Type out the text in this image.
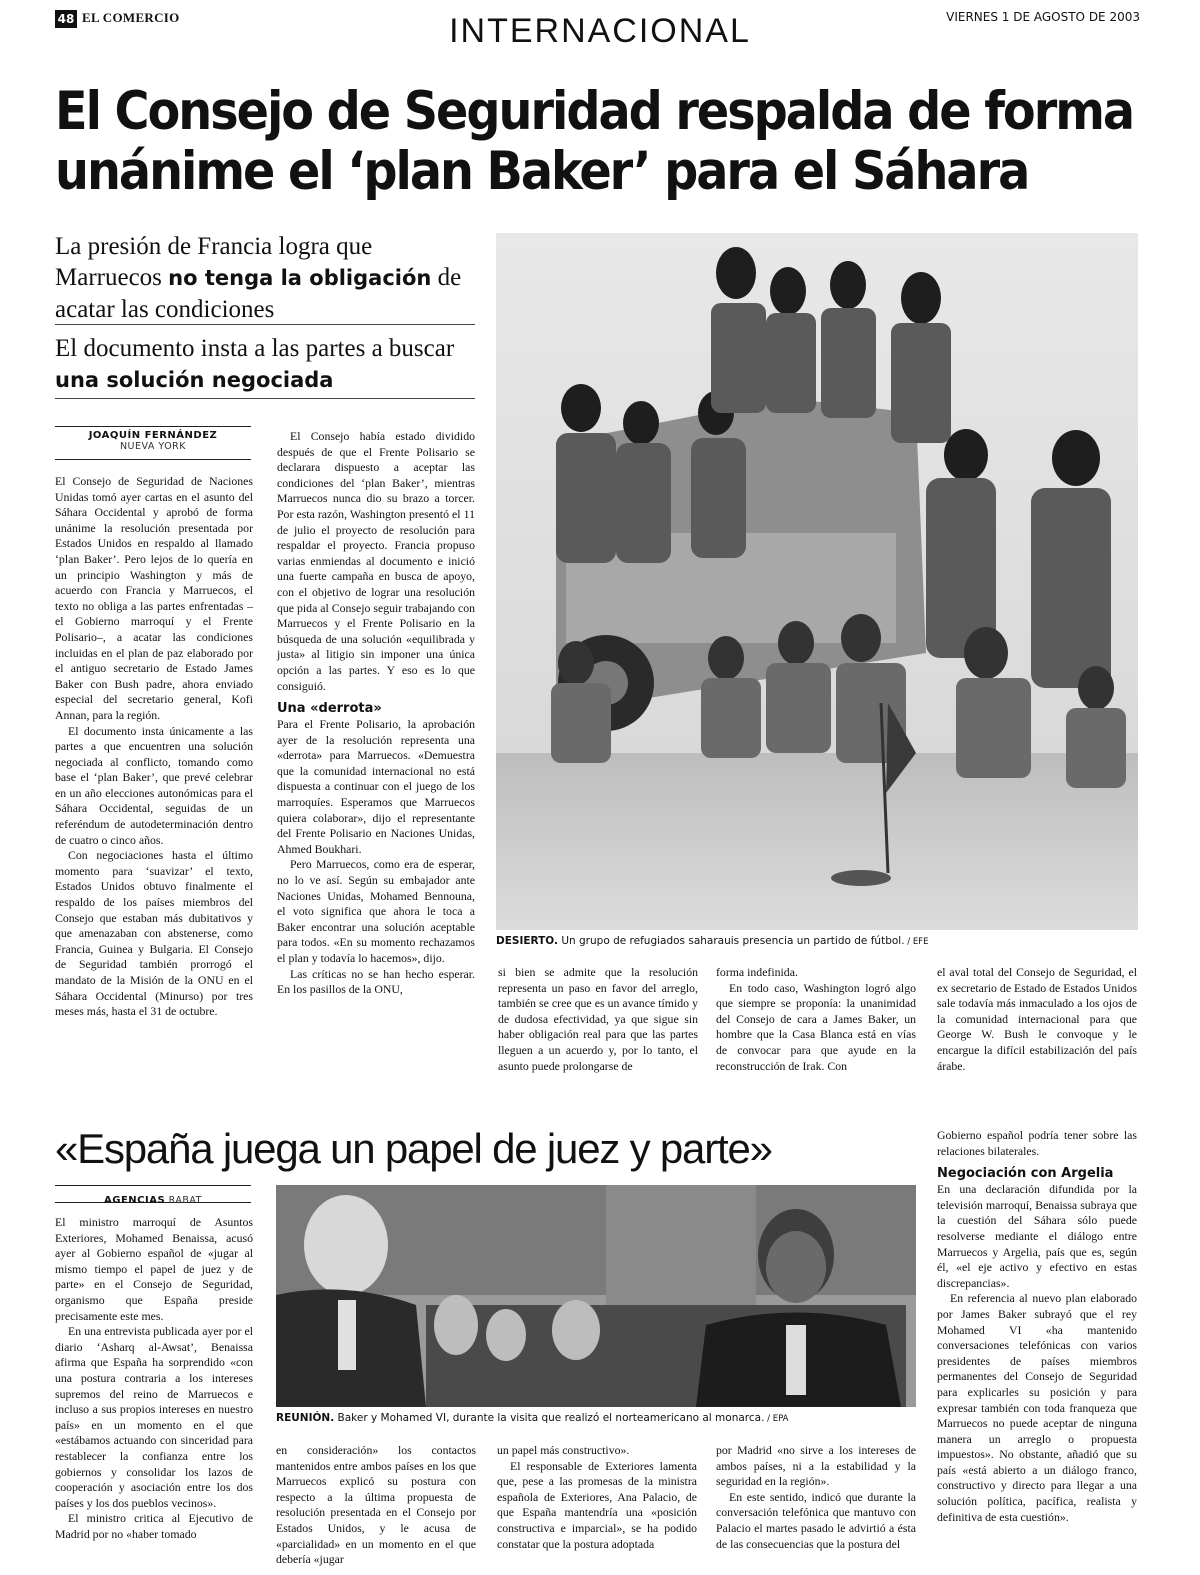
48 EL COMERCIO	INTERNACIONAL	VIERNES 1 DE AGOSTO DE 2003
El Consejo de Seguridad respalda de forma unánime el ‘plan Baker’ para el Sáhara
La presión de Francia logra que Marruecos no tenga la obligación de acatar las condiciones
El documento insta a las partes a buscar una solución negociada
JOAQUÍN FERNÁNDEZ
NUEVA YORK

El Consejo de Seguridad de Naciones Unidas tomó ayer cartas en el asunto del Sáhara Occidental y aprobó de forma unánime la resolución presentada por Estados Unidos en respaldo al llamado ‘plan Baker’. Pero lejos de lo quería en un principio Washington y más de acuerdo con Francia y Marruecos, el texto no obliga a las partes enfrentadas –el Gobierno marroquí y el Frente Polisario–, a acatar las condiciones incluidas en el plan de paz elaborado por el antiguo secretario de Estado James Baker con Bush padre, ahora enviado especial del secretario general, Kofi Annan, para la región.

El documento insta únicamente a las partes a que encuentren una solución negociada al conflicto, tomando como base el ‘plan Baker’, que prevé celebrar en un año elecciones autonómicas para el Sáhara Occidental, seguidas de un referéndum de autodeterminación dentro de cuatro o cinco años.

Con negociaciones hasta el último momento para ‘suavizar’ el texto, Estados Unidos obtuvo finalmente el respaldo de los países miembros del Consejo que estaban más dubitativos y que amenazaban con abstenerse, como Francia, Guinea y Bulgaria. El Consejo de Seguridad también prorrogó el mandato de la Misión de la ONU en el Sáhara Occidental (Minurso) por tres meses más, hasta el 31 de octubre.

El Consejo había estado dividido después de que el Frente Polisario se declarara dispuesto a aceptar las condiciones del ‘plan Baker’, mientras Marruecos nunca dio su brazo a torcer. Por esta razón, Washington presentó el 11 de julio el proyecto de resolución para respaldar el proyecto. Francia propuso varias enmiendas al documento e inició una fuerte campaña en busca de apoyo, con el objetivo de lograr una resolución que pida al Consejo seguir trabajando con Marruecos y el Frente Polisario en la búsqueda de una solución «equilibrada y justa» al litigio sin imponer una única opción a las partes. Y eso es lo que consiguió.

Una «derrota»

Para el Frente Polisario, la aprobación ayer de la resolución representa una «derrota» para Marruecos. «Demuestra que la comunidad internacional no está dispuesta a continuar con el juego de los marroquíes. Esperamos que Marruecos quiera colaborar», dijo el representante del Frente Polisario en Naciones Unidas, Ahmed Boukhari.

Pero Marruecos, como era de esperar, no lo ve así. Según su embajador ante Naciones Unidas, Mohamed Bennouna, el voto significa que ahora le toca a Baker encontrar una solución aceptable para todos. «En su momento rechazamos el plan y todavía lo hacemos», dijo.

Las críticas no se han hecho esperar. En los pasillos de la ONU,

DESIERTO. Un grupo de refugiados saharauis presencia un partido de fútbol. / EFE

si bien se admite que la resolución representa un paso en favor del arreglo, también se cree que es un avance tímido y de dudosa efectividad, ya que sigue sin haber obligación real para que las partes lleguen a un acuerdo y, por lo tanto, el asunto puede prolongarse de

forma indefinida.

En todo caso, Washington logró algo que siempre se proponía: la unanimidad del Consejo de cara a James Baker, un hombre que la Casa Blanca está en vías de convocar para que ayude en la reconstrucción de Irak. Con

el aval total del Consejo de Seguridad, el ex secretario de Estado de Estados Unidos sale todavía más inmaculado a los ojos de la comunidad internacional para que George W. Bush le convoque y le encargue la difícil estabilización del país árabe.

«España juega un papel de juez y parte»
AGENCIAS RABAT

El ministro marroquí de Asuntos Exteriores, Mohamed Benaissa, acusó ayer al Gobierno español de «jugar al mismo tiempo el papel de juez y de parte» en el Consejo de Seguridad, organismo que España preside precisamente este mes.

En una entrevista publicada ayer por el diario ‘Asharq al-Awsat’, Benaissa afirma que España ha sorprendido «con una postura contraria a los intereses supremos del reino de Marruecos e incluso a sus propios intereses en nuestro país» en un momento en el que «estábamos actuando con sinceridad para restablecer la confianza entre los gobiernos y consolidar los lazos de cooperación y asociación entre los dos países y los dos pueblos vecinos».

El ministro critica al Ejecutivo de Madrid por no «haber tomado

REUNIÓN. Baker y Mohamed VI, durante la visita que realizó el norteamericano al monarca. / EPA

en consideración» los contactos mantenidos entre ambos países en los que Marruecos explicó su postura con respecto a la última propuesta de resolución presentada en el Consejo por Estados Unidos, y le acusa de «parcialidad» en un momento en el que debería «jugar

un papel más constructivo».

El responsable de Exteriores lamenta que, pese a las promesas de la ministra española de Exteriores, Ana Palacio, de que España mantendría una «posición constructiva e imparcial», se ha podido constatar que la postura adoptada

por Madrid «no sirve a los intereses de ambos países, ni a la estabilidad y la seguridad en la región».

En este sentido, indicó que durante la conversación telefónica que mantuvo con Palacio el martes pasado le advirtió a ésta de las consecuencias que la postura del

Gobierno español podría tener sobre las relaciones bilaterales.

Negociación con Argelia

En una declaración difundida por la televisión marroquí, Benaissa subraya que la cuestión del Sáhara sólo puede resolverse mediante el diálogo entre Marruecos y Argelia, país que es, según él, «el eje activo y efectivo en estas discrepancias».

En referencia al nuevo plan elaborado por James Baker subrayó que el rey Mohamed VI «ha mantenido conversaciones telefónicas con varios presidentes de países miembros permanentes del Consejo de Seguridad para explicarles su posición y para expresar también con toda franqueza que Marruecos no puede aceptar de ninguna manera un arreglo o propuesta impuestos». No obstante, añadió que su país «está abierto a un diálogo franco, constructivo y directo para llegar a una solución política, pacífica, realista y definitiva de esta cuestión».
